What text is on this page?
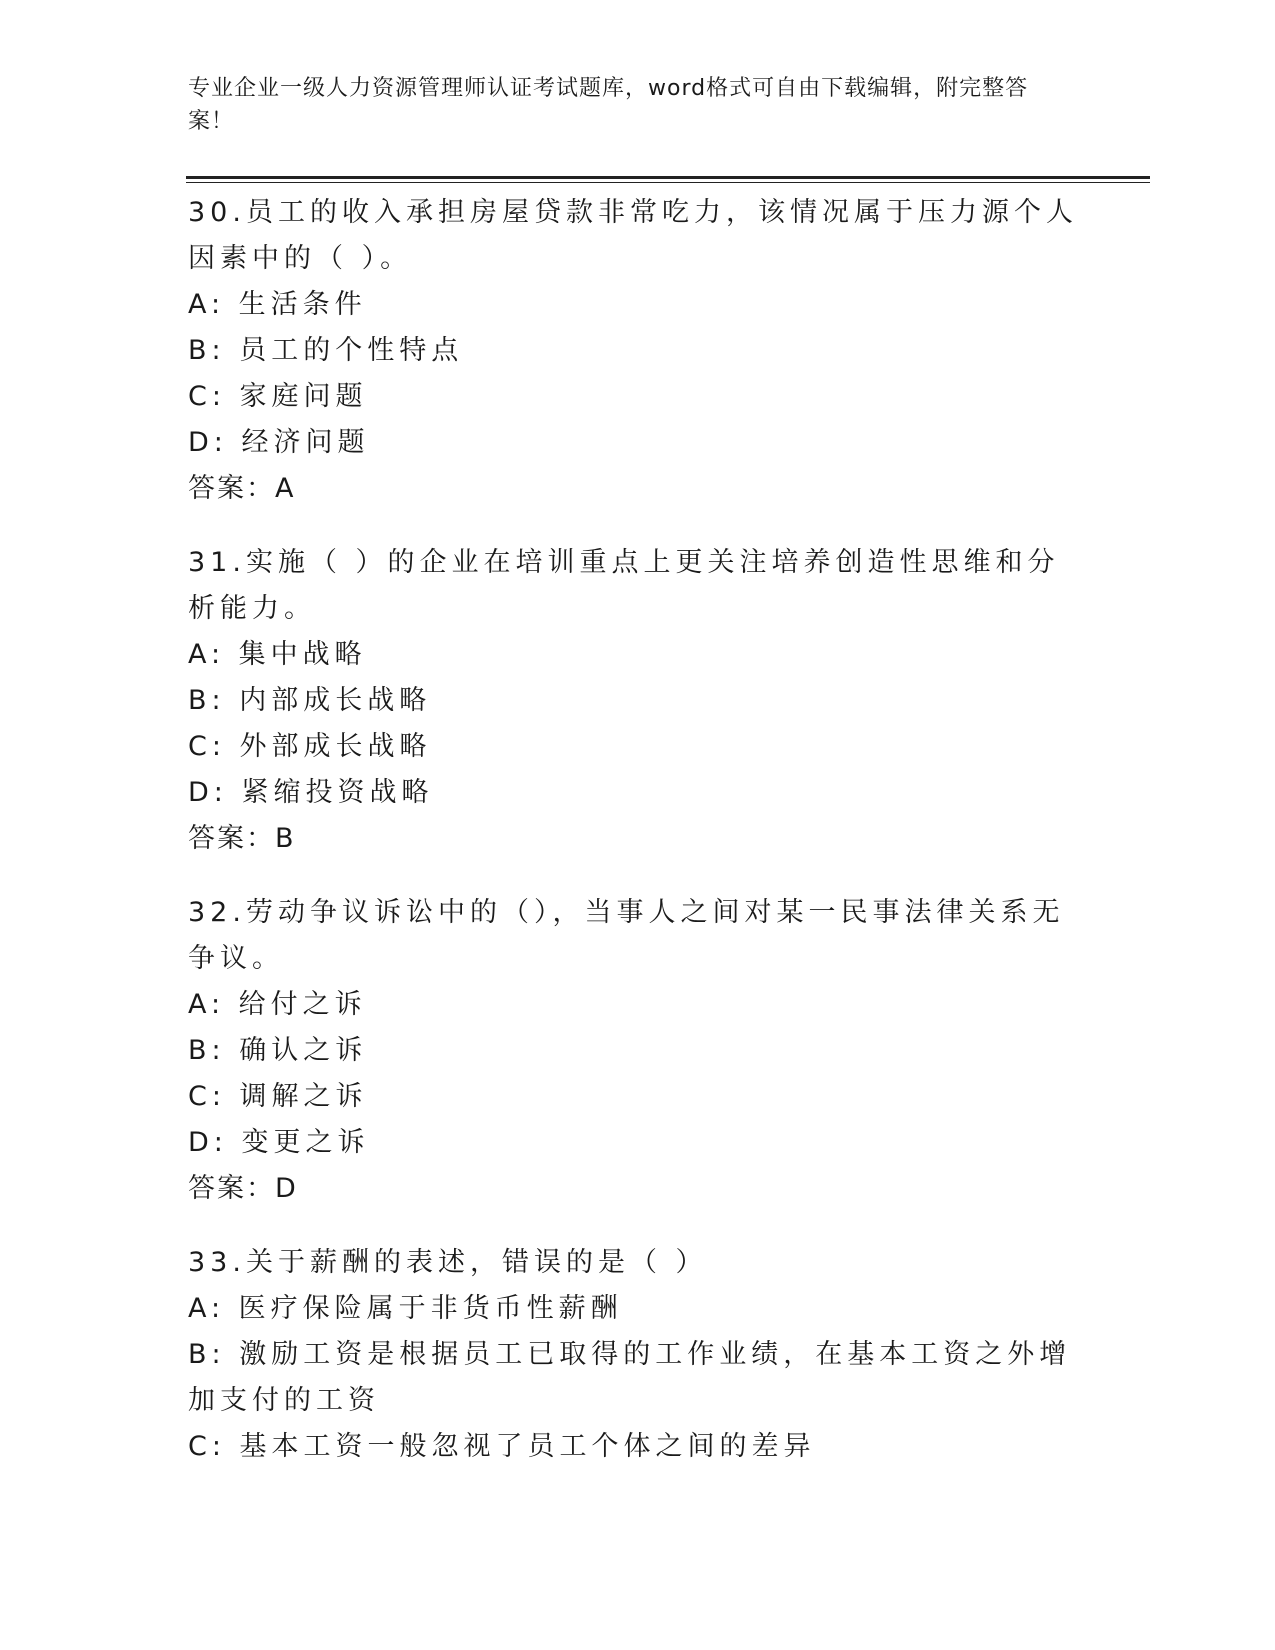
专业企业一级人力资源管理师认证考试题库，word格式可自由下载编辑，附完整答案！
30.员工的收入承担房屋贷款非常吃力，该情况属于压力源个人因素中的（ ）。
A: 生活条件
B: 员工的个性特点
C: 家庭问题
D: 经济问题
答案：A
31.实施（ ）的企业在培训重点上更关注培养创造性思维和分析能力。
A: 集中战略
B: 内部成长战略
C: 外部成长战略
D: 紧缩投资战略
答案：B
32.劳动争议诉讼中的（），当事人之间对某一民事法律关系无争议。
A: 给付之诉
B: 确认之诉
C: 调解之诉
D: 变更之诉
答案：D
33.关于薪酬的表述，错误的是（ ）
A: 医疗保险属于非货币性薪酬
B: 激励工资是根据员工已取得的工作业绩，在基本工资之外增加支付的工资
C: 基本工资一般忽视了员工个体之间的差异
